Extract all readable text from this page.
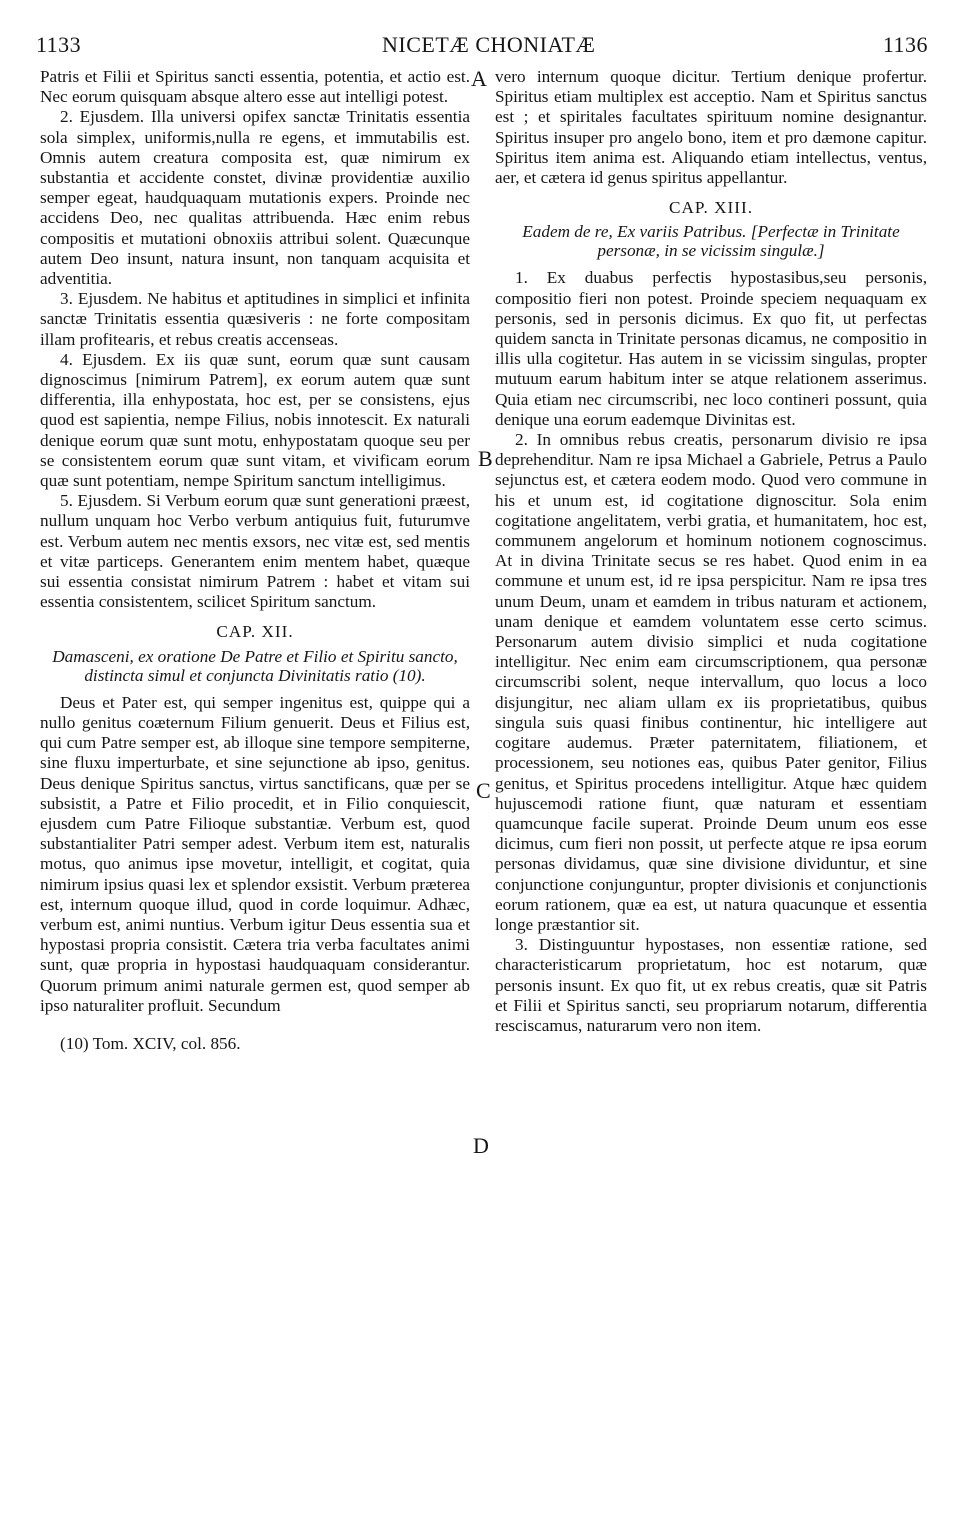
1133	NICETÆ CHONIATÆ	1136
A
B
C
D

Patris et Filii et Spiritus sancti essentia, potentia, et actio est. Nec eorum quisquam absque altero esse aut intelligi potest.

2. Ejusdem. Illa universi opifex sanctæ Trinitatis essentia sola simplex, uniformis,nulla re egens, et immutabilis est. Omnis autem creatura composita est, quæ nimirum ex substantia et accidente constet, divinæ providentiæ auxilio semper egeat, haudquaquam mutationis expers. Proinde nec accidens Deo, nec qualitas attribuenda. Hæc enim rebus compositis et mutationi obnoxiis attribui solent. Quæcunque autem Deo insunt, natura insunt, non tanquam acquisita et adventitia.

3. Ejusdem. Ne habitus et aptitudines in simplici et infinita sanctæ Trinitatis essentia quæsiveris : ne forte compositam illam profitearis, et rebus creatis accenseas.

4. Ejusdem. Ex iis quæ sunt, eorum quæ sunt causam dignoscimus [nimirum Patrem], ex eorum autem quæ sunt differentia, illa enhypostata, hoc est, per se consistens, ejus quod est sapientia, nempe Filius, nobis innotescit. Ex naturali denique eorum quæ sunt motu, enhypostatam quoque seu per se consistentem eorum quæ sunt vitam, et vivificam eorum quæ sunt potentiam, nempe Spiritum sanctum intelligimus.

5. Ejusdem. Si Verbum eorum quæ sunt generationi præest, nullum unquam hoc Verbo verbum antiquius fuit, futurumve est. Verbum autem nec mentis exsors, nec vitæ est, sed mentis et vitæ particeps. Generantem enim mentem habet, quæque sui essentia consistat nimirum Patrem : habet et vitam sui essentia consistentem, scilicet Spiritum sanctum.

CAP. XII.
Damasceni, ex oratione De Patre et Filio et Spiritu sancto, distincta simul et conjuncta Divinitatis ratio (10).

Deus et Pater est, qui semper ingenitus est, quippe qui a nullo genitus coæternum Filium genuerit. Deus et Filius est, qui cum Patre semper est, ab illoque sine tempore sempiterne, sine fluxu imperturbate, et sine sejunctione ab ipso, genitus. Deus denique Spiritus sanctus, virtus sanctificans, quæ per se subsistit, a Patre et Filio procedit, et in Filio conquiescit, ejusdem cum Patre Filioque substantiæ. Verbum est, quod substantialiter Patri semper adest. Verbum item est, naturalis motus, quo animus ipse movetur, intelligit, et cogitat, quia nimirum ipsius quasi lex et splendor exsistit. Verbum præterea est, internum quoque illud, quod in corde loquimur. Adhæc, verbum est, animi nuntius. Verbum igitur Deus essentia sua et hypostasi propria consistit. Cætera tria verba facultates animi sunt, quæ propria in hypostasi haudquaquam considerantur. Quorum primum animi naturale germen est, quod semper ab ipso naturaliter profluit. Secundum

(10) Tom. XCIV, col. 856.

vero internum quoque dicitur. Tertium denique profertur. Spiritus etiam multiplex est acceptio. Nam et Spiritus sanctus est ; et spiritales facultates spirituum nomine designantur. Spiritus insuper pro angelo bono, item et pro dæmone capitur. Spiritus item anima est. Aliquando etiam intellectus, ventus, aer, et cætera id genus spiritus appellantur.

CAP. XIII.
Eadem de re, Ex variis Patribus. [Perfectæ in Trinitate personæ, in se vicissim singulæ.]

1. Ex duabus perfectis hypostasibus,seu personis, compositio fieri non potest. Proinde speciem nequaquam ex personis, sed in personis dicimus. Ex quo fit, ut perfectas quidem sancta in Trinitate personas dicamus, ne compositio in illis ulla cogitetur. Has autem in se vicissim singulas, propter mutuum earum habitum inter se atque relationem asserimus. Quia etiam nec circumscribi, nec loco contineri possunt, quia denique una eorum eademque Divinitas est.

2. In omnibus rebus creatis, personarum divisio re ipsa deprehenditur. Nam re ipsa Michael a Gabriele, Petrus a Paulo sejunctus est, et cætera eodem modo. Quod vero commune in his et unum est, id cogitatione dignoscitur. Sola enim cogitatione angelitatem, verbi gratia, et humanitatem, hoc est, communem angelorum et hominum notionem cognoscimus. At in divina Trinitate secus se res habet. Quod enim in ea commune et unum est, id re ipsa perspicitur. Nam re ipsa tres unum Deum, unam et eamdem in tribus naturam et actionem, unam denique et eamdem voluntatem esse certo scimus. Personarum autem divisio simplici et nuda cogitatione intelligitur. Nec enim eam circumscriptionem, qua personæ circumscribi solent, neque intervallum, quo locus a loco disjungitur, nec aliam ullam ex iis proprietatibus, quibus singula suis quasi finibus continentur, hic intelligere aut cogitare audemus. Præter paternitatem, filiationem, et processionem, seu notiones eas, quibus Pater genitor, Filius genitus, et Spiritus procedens intelligitur. Atque hæc quidem hujuscemodi ratione fiunt, quæ naturam et essentiam quamcunque facile superat. Proinde Deum unum eos esse dicimus, cum fieri non possit, ut perfecte atque re ipsa eorum personas dividamus, quæ sine divisione dividuntur, et sine conjunctione conjunguntur, propter divisionis et conjunctionis eorum rationem, quæ ea est, ut natura quacunque et essentia longe præstantior sit.

3. Distinguuntur hypostases, non essentiæ ratione, sed characteristicarum proprietatum, hoc est notarum, quæ personis insunt. Ex quo fit, ut ex rebus creatis, quæ sit Patris et Filii et Spiritus sancti, seu propriarum notarum, differentia resciscamus, naturarum vero non item.
